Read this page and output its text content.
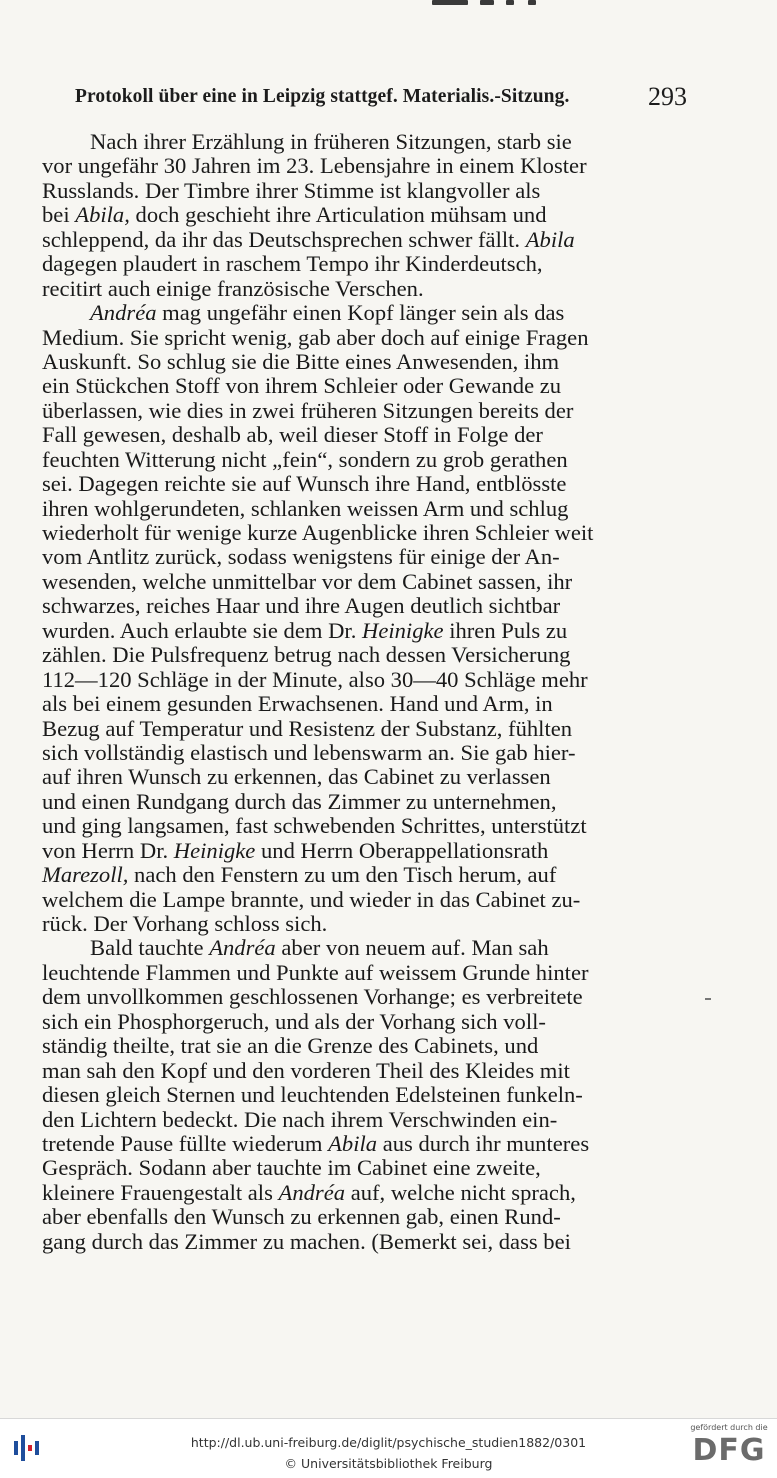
Protokoll über eine in Leipzig stattgef. Materialis.-Sitzung.	293
Nach ihrer Erzählung in früheren Sitzungen, starb sie
vor ungefähr 30 Jahren im 23. Lebensjahre in einem Kloster
Russlands. Der Timbre ihrer Stimme ist klangvoller als
bei Abila, doch geschieht ihre Articulation mühsam und
schleppend, da ihr das Deutschsprechen schwer fällt. Abila
dagegen plaudert in raschem Tempo ihr Kinderdeutsch,
recitirt auch einige französische Verschen.
Andréa mag ungefähr einen Kopf länger sein als das
Medium. Sie spricht wenig, gab aber doch auf einige Fragen
Auskunft. So schlug sie die Bitte eines Anwesenden, ihm
ein Stückchen Stoff von ihrem Schleier oder Gewande zu
überlassen, wie dies in zwei früheren Sitzungen bereits der
Fall gewesen, deshalb ab, weil dieser Stoff in Folge der
feuchten Witterung nicht „fein“, sondern zu grob gerathen
sei. Dagegen reichte sie auf Wunsch ihre Hand, entblösste
ihren wohlgerundeten, schlanken weissen Arm und schlug
wiederholt für wenige kurze Augenblicke ihren Schleier weit
vom Antlitz zurück, sodass wenigstens für einige der An-
wesenden, welche unmittelbar vor dem Cabinet sassen, ihr
schwarzes, reiches Haar und ihre Augen deutlich sichtbar
wurden. Auch erlaubte sie dem Dr. Heinigke ihren Puls zu
zählen. Die Pulsfrequenz betrug nach dessen Versicherung
112—120 Schläge in der Minute, also 30—40 Schläge mehr
als bei einem gesunden Erwachsenen. Hand und Arm, in
Bezug auf Temperatur und Resistenz der Substanz, fühlten
sich vollständig elastisch und lebenswarm an. Sie gab hier-
auf ihren Wunsch zu erkennen, das Cabinet zu verlassen
und einen Rundgang durch das Zimmer zu unternehmen,
und ging langsamen, fast schwebenden Schrittes, unterstützt
von Herrn Dr. Heinigke und Herrn Oberappellationsrath
Marezoll, nach den Fenstern zu um den Tisch herum, auf
welchem die Lampe brannte, und wieder in das Cabinet zu-
rück. Der Vorhang schloss sich.
Bald tauchte Andréa aber von neuem auf. Man sah
leuchtende Flammen und Punkte auf weissem Grunde hinter
dem unvollkommen geschlossenen Vorhange; es verbreitete
sich ein Phosphorgeruch, und als der Vorhang sich voll-
ständig theilte, trat sie an die Grenze des Cabinets, und
man sah den Kopf und den vorderen Theil des Kleides mit
diesen gleich Sternen und leuchtenden Edelsteinen funkeln-
den Lichtern bedeckt. Die nach ihrem Verschwinden ein-
tretende Pause füllte wiederum Abila aus durch ihr munteres
Gespräch. Sodann aber tauchte im Cabinet eine zweite,
kleinere Frauengestalt als Andréa auf, welche nicht sprach,
aber ebenfalls den Wunsch zu erkennen gab, einen Rund-
gang durch das Zimmer zu machen. (Bemerkt sei, dass bei
http://dl.ub.uni-freiburg.de/diglit/psychische_studien1882/0301
© Universitätsbibliothek Freiburg
gefördert durch die
DFG
